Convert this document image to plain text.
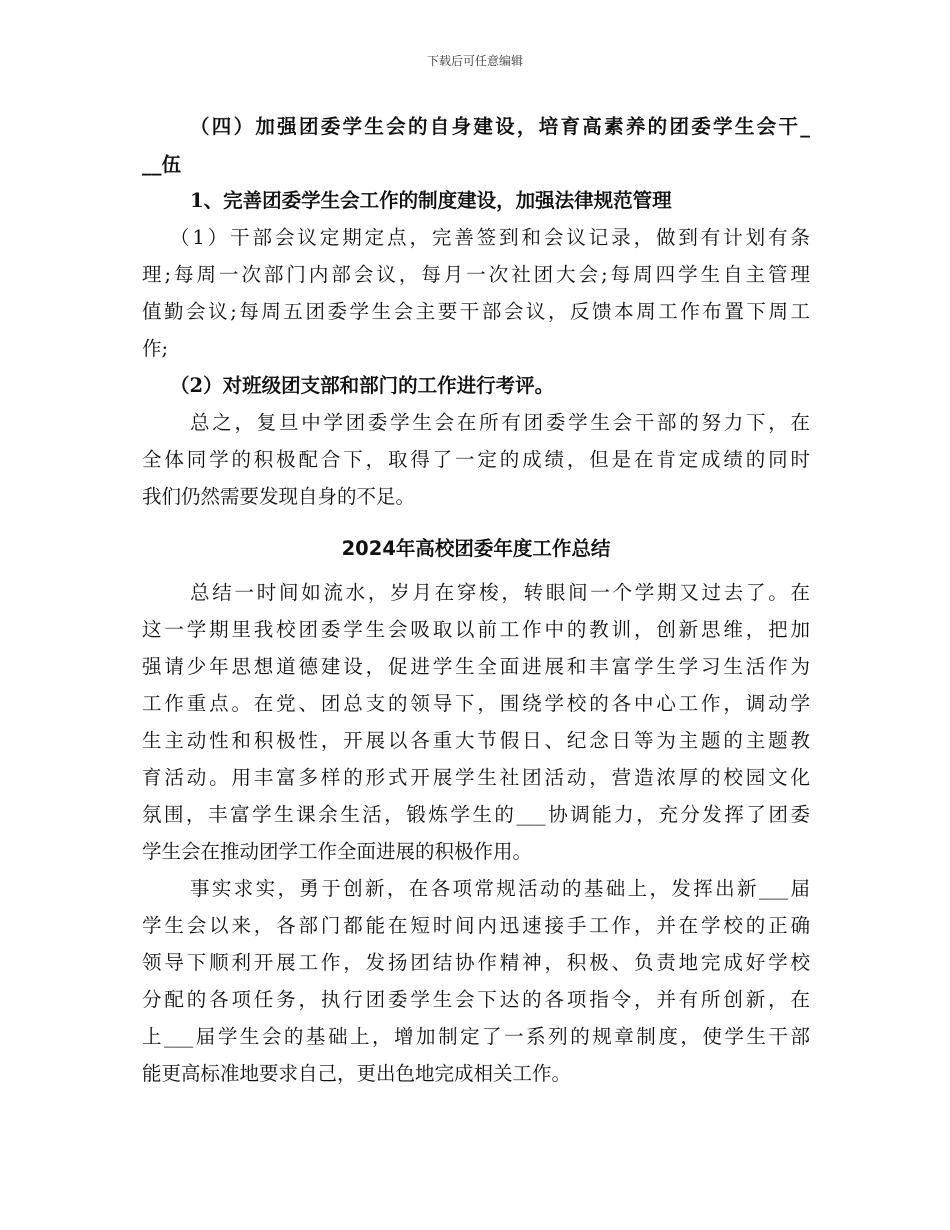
下载后可任意编辑
（四）加强团委学生会的自身建设，培育高素养的团委学生会干_
__伍
1、完善团委学生会工作的制度建设，加强法律规范管理
（1）干部会议定期定点，完善签到和会议记录，做到有计划有条
理;每周一次部门内部会议，每月一次社团大会;每周四学生自主管理
值勤会议;每周五团委学生会主要干部会议，反馈本周工作布置下周工
作;
（2）对班级团支部和部门的工作进行考评。
总之，复旦中学团委学生会在所有团委学生会干部的努力下，在
全体同学的积极配合下，取得了一定的成绩，但是在肯定成绩的同时
我们仍然需要发现自身的不足。
2024年高校团委年度工作总结
总结一时间如流水，岁月在穿梭，转眼间一个学期又过去了。在
这一学期里我校团委学生会吸取以前工作中的教训，创新思维，把加
强请少年思想道德建设，促进学生全面进展和丰富学生学习生活作为
工作重点。在党、团总支的领导下，围绕学校的各中心工作，调动学
生主动性和积极性，开展以各重大节假日、纪念日等为主题的主题教
育活动。用丰富多样的形式开展学生社团活动，营造浓厚的校园文化
氛围，丰富学生课余生活，锻炼学生的___协调能力，充分发挥了团委
学生会在推动团学工作全面进展的积极作用。
事实求实，勇于创新，在各项常规活动的基础上，发挥出新___届
学生会以来，各部门都能在短时间内迅速接手工作，并在学校的正确
领导下顺利开展工作，发扬团结协作精神，积极、负责地完成好学校
分配的各项任务，执行团委学生会下达的各项指令，并有所创新，在
上___届学生会的基础上，增加制定了一系列的规章制度，使学生干部
能更高标准地要求自己，更出色地完成相关工作。
